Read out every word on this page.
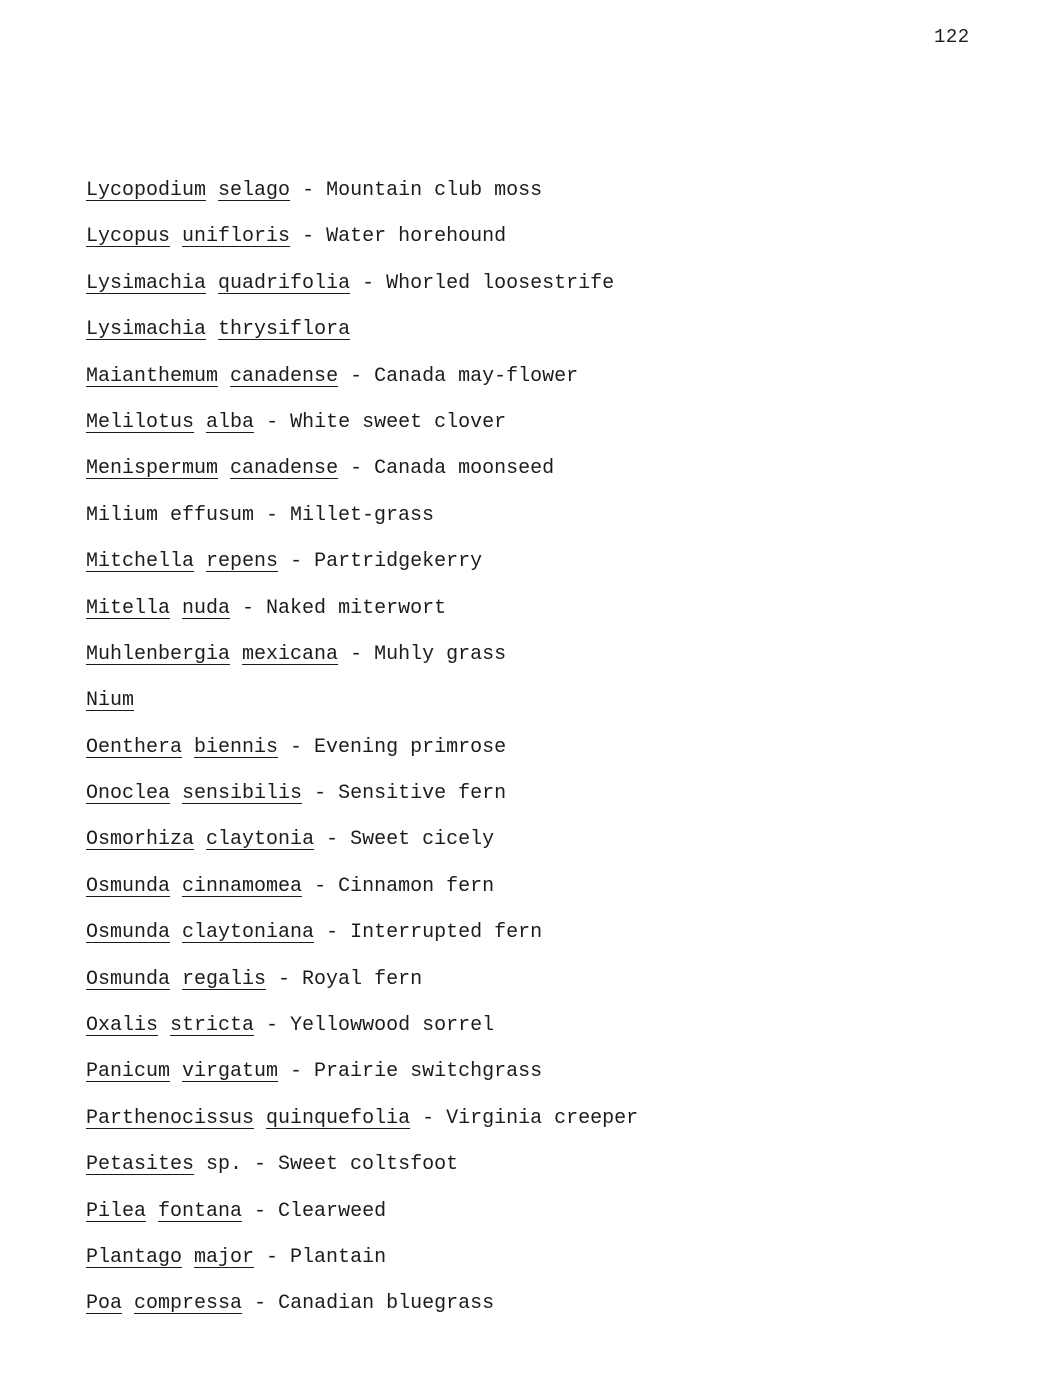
122
Lycopodium selago - Mountain club moss
Lycopus unifloris - Water horehound
Lysimachia quadrifolia - Whorled loosestrife
Lysimachia thrysiflora
Maianthemum canadense - Canada may-flower
Melilotus alba - White sweet clover
Menispermum canadense - Canada moonseed
Milium effusum - Millet-grass
Mitchella repens - Partridgekerry
Mitella nuda - Naked miterwort
Muhlenbergia mexicana - Muhly grass
Nium
Oenthera biennis - Evening primrose
Onoclea sensibilis - Sensitive fern
Osmorhiza claytonia - Sweet cicely
Osmunda cinnamomea - Cinnamon fern
Osmunda claytoniana - Interrupted fern
Osmunda regalis - Royal fern
Oxalis stricta - Yellowwood sorrel
Panicum virgatum - Prairie switchgrass
Parthenocissus quinquefolia - Virginia creeper
Petasites sp. - Sweet coltsfoot
Pilea fontana - Clearweed
Plantago major - Plantain
Poa compressa - Canadian bluegrass
